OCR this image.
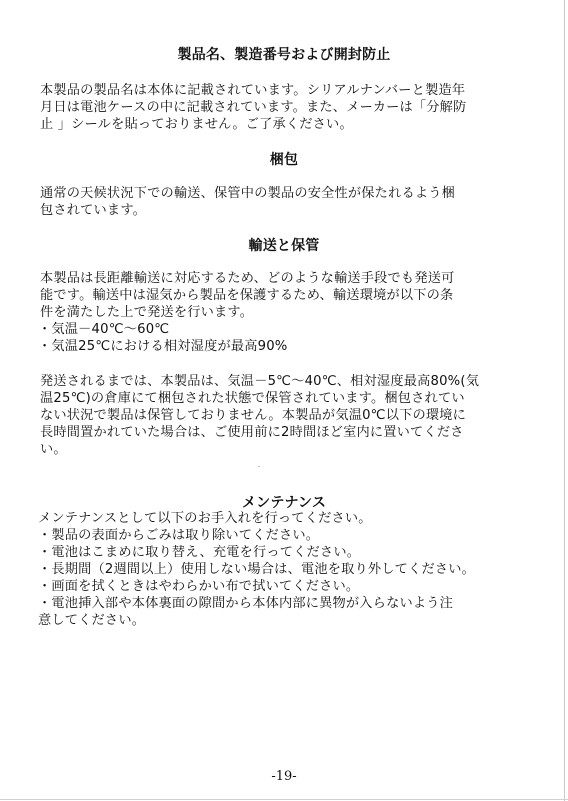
製品名、製造番号および開封防止

本製品の製品名は本体に記載されています。シリアルナンバーと製造年
月日は電池ケースの中に記載されています。また、メーカーは「分解防
止 」シールを貼っておりません。ご了承ください。

梱包

通常の天候状況下での輸送、保管中の製品の安全性が保たれるよう梱
包されています。

輸送と保管

本製品は長距離輸送に対応するため、どのような輸送手段でも発送可
能です。輸送中は湿気から製品を保護するため、輸送環境が以下の条
件を満たした上で発送を行います。

・気温－40℃～60℃
・気温25℃における相対湿度が最高90%

発送されるまでは、本製品は、気温－5℃～40℃、相対湿度最高80%(気
温25℃)の倉庫にて梱包された状態で保管されています。梱包されてい
ない状況で製品は保管しておりません。本製品が気温0℃以下の環境に
長時間置かれていた場合は、ご使用前に2時間ほど室内に置いてくださ
い。

メンテナンス

メンテナンスとして以下のお手入れを行ってください。

・製品の表面からごみは取り除いてください。
・電池はこまめに取り替え、充電を行ってください。
・長期間（2週間以上）使用しない場合は、電池を取り外してください。
・画面を拭くときはやわらかい布で拭いてください。
・電池挿入部や本体裏面の隙間から本体内部に異物が入らないよう注
意してください。
-19-
